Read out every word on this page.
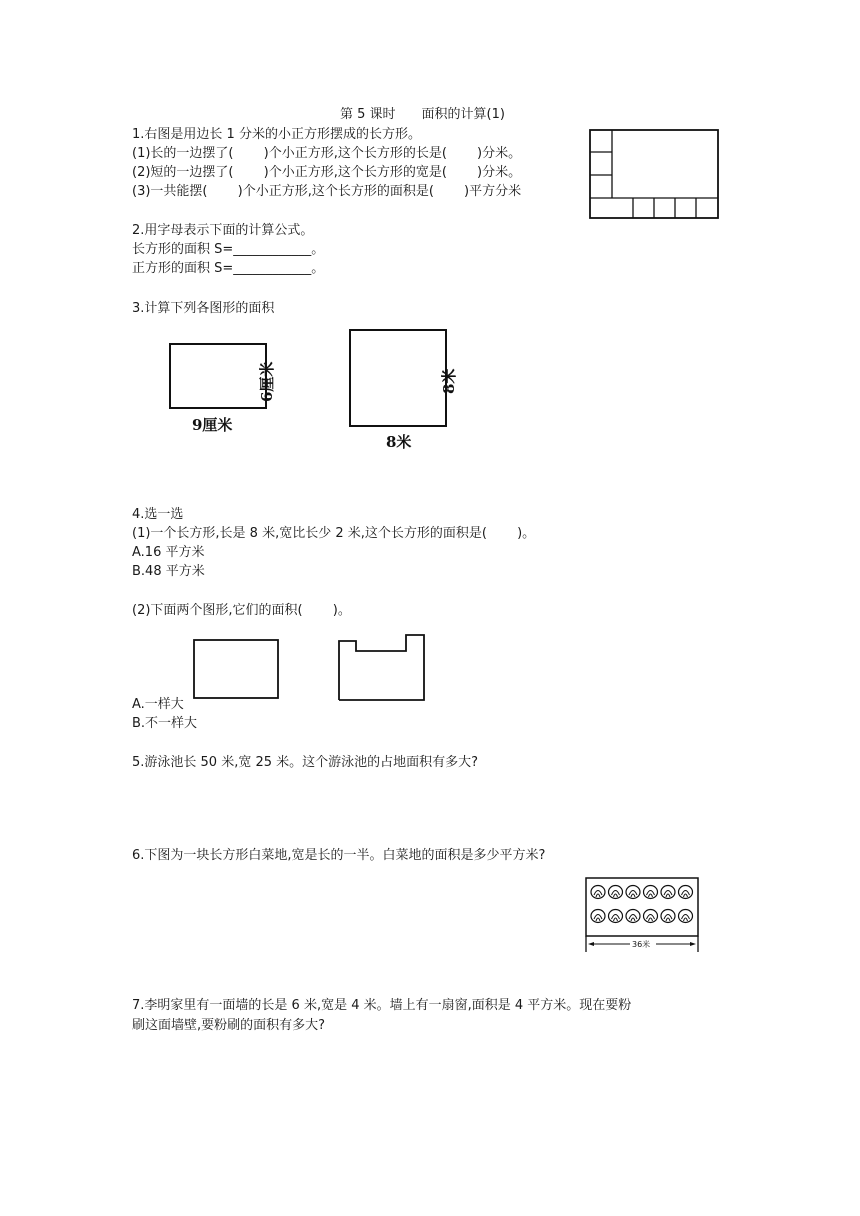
第 5 课时　　面积的计算(1)
1.右图是用边长 1 分米的小正方形摆成的长方形。
(1)长的一边摆了(　　 )个小正方形,这个长方形的长是(　　 )分米。
(2)短的一边摆了(　　 )个小正方形,这个长方形的宽是(　　 )分米。
(3)一共能摆(　　 )个小正方形,这个长方形的面积是(　　 )平方分米
2.用字母表示下面的计算公式。
长方形的面积 S=____________。
正方形的面积 S=____________。
3.计算下列各图形的面积
9厘米
6厘米
8米
8米
4.选一选
(1)一个长方形,长是 8 米,宽比长少 2 米,这个长方形的面积是(　　 )。
A.16 平方米
B.48 平方米
(2)下面两个图形,它们的面积(　　 )。
A.一样大
B.不一样大
5.游泳池长 50 米,宽 25 米。这个游泳池的占地面积有多大?
6.下图为一块长方形白菜地,宽是长的一半。白菜地的面积是多少平方米?
36米
7.李明家里有一面墙的长是 6 米,宽是 4 米。墙上有一扇窗,面积是 4 平方米。现在要粉
刷这面墙壁,要粉刷的面积有多大?
